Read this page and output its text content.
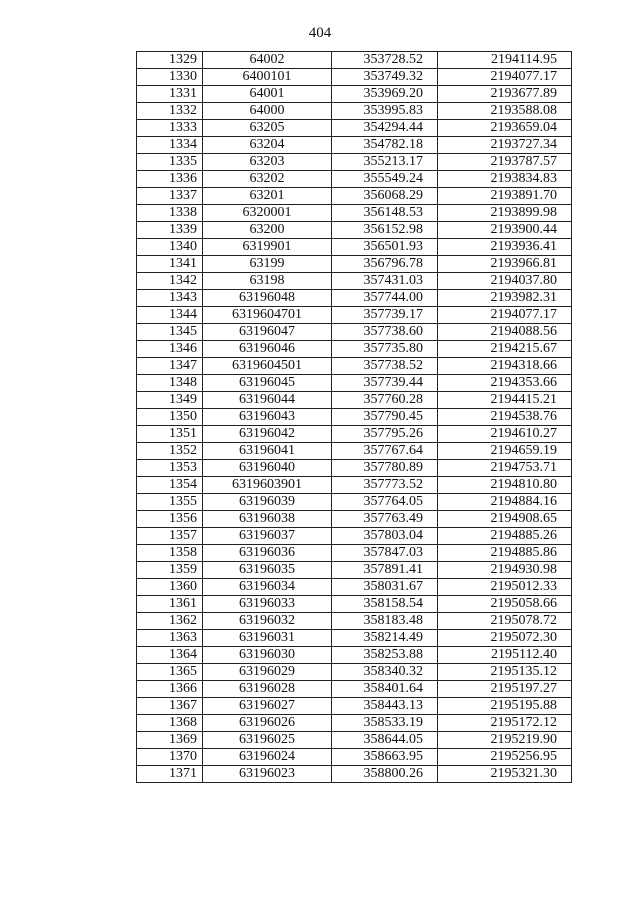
404
1329	64002	353728.52	2194114.95
1330	6400101	353749.32	2194077.17
1331	64001	353969.20	2193677.89
1332	64000	353995.83	2193588.08
1333	63205	354294.44	2193659.04
1334	63204	354782.18	2193727.34
1335	63203	355213.17	2193787.57
1336	63202	355549.24	2193834.83
1337	63201	356068.29	2193891.70
1338	6320001	356148.53	2193899.98
1339	63200	356152.98	2193900.44
1340	6319901	356501.93	2193936.41
1341	63199	356796.78	2193966.81
1342	63198	357431.03	2194037.80
1343	63196048	357744.00	2193982.31
1344	6319604701	357739.17	2194077.17
1345	63196047	357738.60	2194088.56
1346	63196046	357735.80	2194215.67
1347	6319604501	357738.52	2194318.66
1348	63196045	357739.44	2194353.66
1349	63196044	357760.28	2194415.21
1350	63196043	357790.45	2194538.76
1351	63196042	357795.26	2194610.27
1352	63196041	357767.64	2194659.19
1353	63196040	357780.89	2194753.71
1354	6319603901	357773.52	2194810.80
1355	63196039	357764.05	2194884.16
1356	63196038	357763.49	2194908.65
1357	63196037	357803.04	2194885.26
1358	63196036	357847.03	2194885.86
1359	63196035	357891.41	2194930.98
1360	63196034	358031.67	2195012.33
1361	63196033	358158.54	2195058.66
1362	63196032	358183.48	2195078.72
1363	63196031	358214.49	2195072.30
1364	63196030	358253.88	2195112.40
1365	63196029	358340.32	2195135.12
1366	63196028	358401.64	2195197.27
1367	63196027	358443.13	2195195.88
1368	63196026	358533.19	2195172.12
1369	63196025	358644.05	2195219.90
1370	63196024	358663.95	2195256.95
1371	63196023	358800.26	2195321.30
